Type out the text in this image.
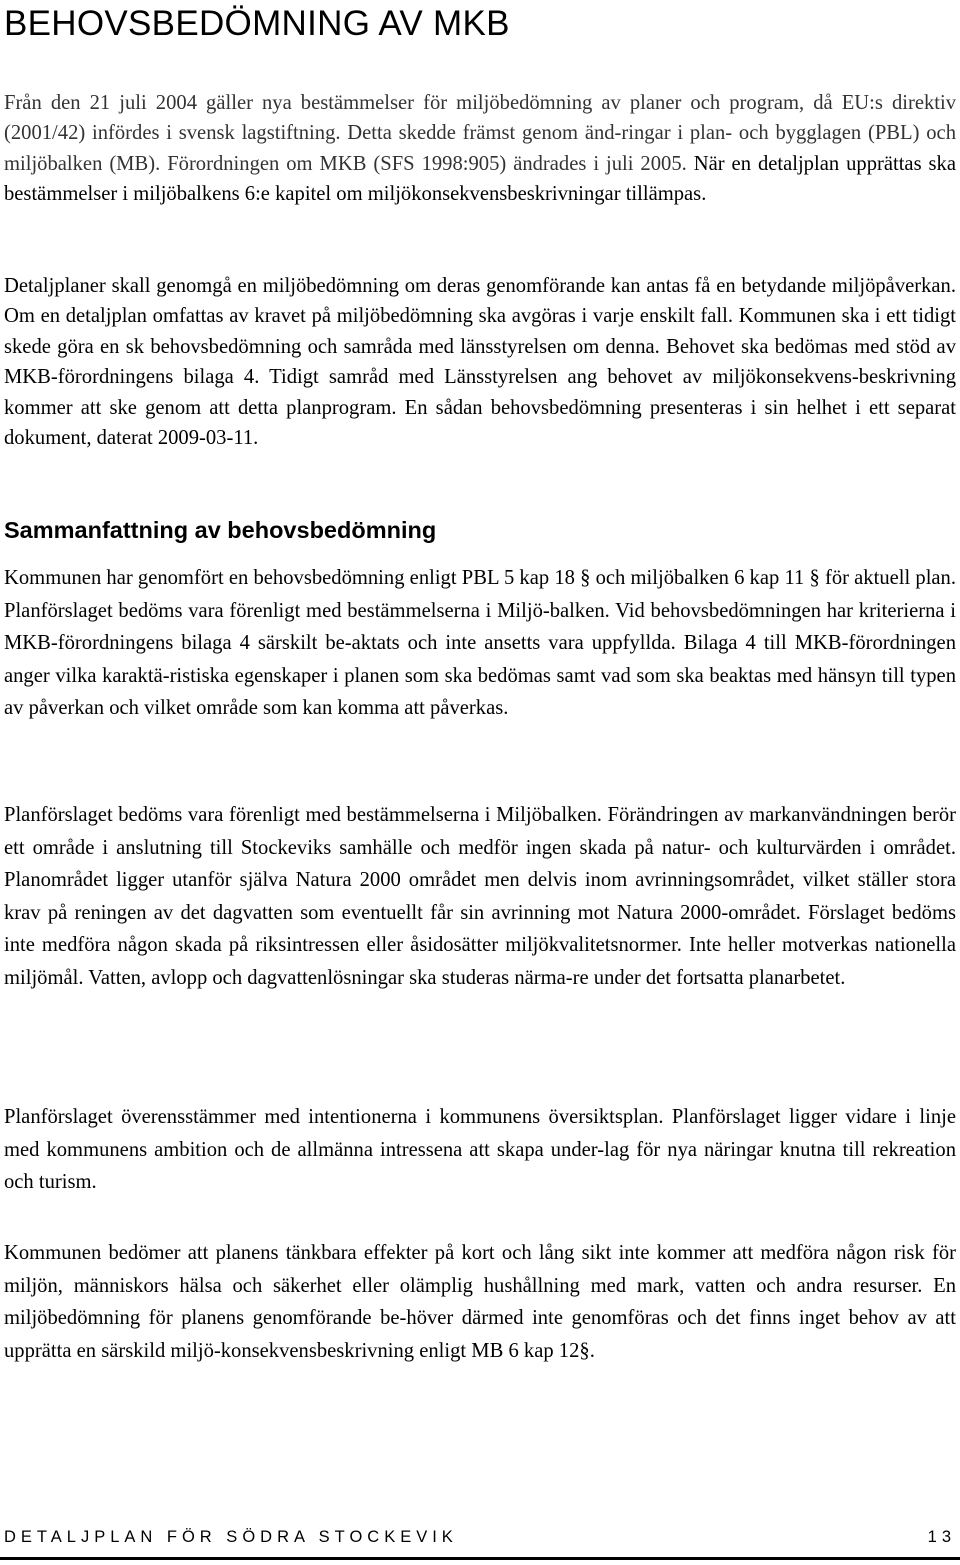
BEHOVSBEDÖMNING AV MKB

Från den 21 juli 2004 gäller nya bestämmelser för miljöbedömning av planer och program, då EU:s direktiv (2001/42) infördes i svensk lagstiftning. Detta skedde främst genom änd-ringar i plan- och bygglagen (PBL) och miljöbalken (MB). Förordningen om MKB (SFS 1998:905) ändrades i juli 2005. När en detaljplan upprättas ska bestämmelser i miljöbalkens 6:e kapitel om miljökonsekvensbeskrivningar tillämpas.

Detaljplaner skall genomgå en miljöbedömning om deras genomförande kan antas få en betydande miljöpåverkan. Om en detaljplan omfattas av kravet på miljöbedömning ska avgöras i varje enskilt fall. Kommunen ska i ett tidigt skede göra en sk behovsbedömning och samråda med länsstyrelsen om denna. Behovet ska bedömas med stöd av MKB-förordningens bilaga 4. Tidigt samråd med Länsstyrelsen ang behovet av miljökonsekvens-beskrivning kommer att ske genom att detta planprogram. En sådan behovsbedömning presenteras i sin helhet i ett separat dokument, daterat 2009-03-11.

Sammanfattning av behovsbedömning

Kommunen har genomfört en behovsbedömning enligt PBL 5 kap 18 § och miljöbalken 6 kap 11 § för aktuell plan. Planförslaget bedöms vara förenligt med bestämmelserna i Miljö-balken. Vid behovsbedömningen har kriterierna i MKB-förordningens bilaga 4 särskilt be-aktats och inte ansetts vara uppfyllda. Bilaga 4 till MKB-förordningen anger vilka karaktä-ristiska egenskaper i planen som ska bedömas samt vad som ska beaktas med hänsyn till typen av påverkan och vilket område som kan komma att påverkas.

Planförslaget bedöms vara förenligt med bestämmelserna i Miljöbalken. Förändringen av markanvändningen berör ett område i anslutning till Stockeviks samhälle och medför ingen skada på natur- och kulturvärden i området. Planområdet ligger utanför själva Natura 2000 området men delvis inom avrinningsområdet, vilket ställer stora krav på reningen av det dagvatten som eventuellt får sin avrinning mot Natura 2000-området. Förslaget bedöms inte medföra någon skada på riksintressen eller åsidosätter miljökvalitetsnormer. Inte heller motverkas nationella miljömål. Vatten, avlopp och dagvattenlösningar ska studeras närma-re under det fortsatta planarbetet.

Planförslaget överensstämmer med intentionerna i kommunens översiktsplan. Planförslaget ligger vidare i linje med kommunens ambition och de allmänna intressena att skapa under-lag för nya näringar knutna till rekreation och turism.

Kommunen bedömer att planens tänkbara effekter på kort och lång sikt inte kommer att medföra någon risk för miljön, människors hälsa och säkerhet eller olämplig hushållning med mark, vatten och andra resurser. En miljöbedömning för planens genomförande be-höver därmed inte genomföras och det finns inget behov av att upprätta en särskild miljö-konsekvensbeskrivning enligt MB 6 kap 12§.

DETALJPLAN FÖR SÖDRA STOCKEVIK	13
